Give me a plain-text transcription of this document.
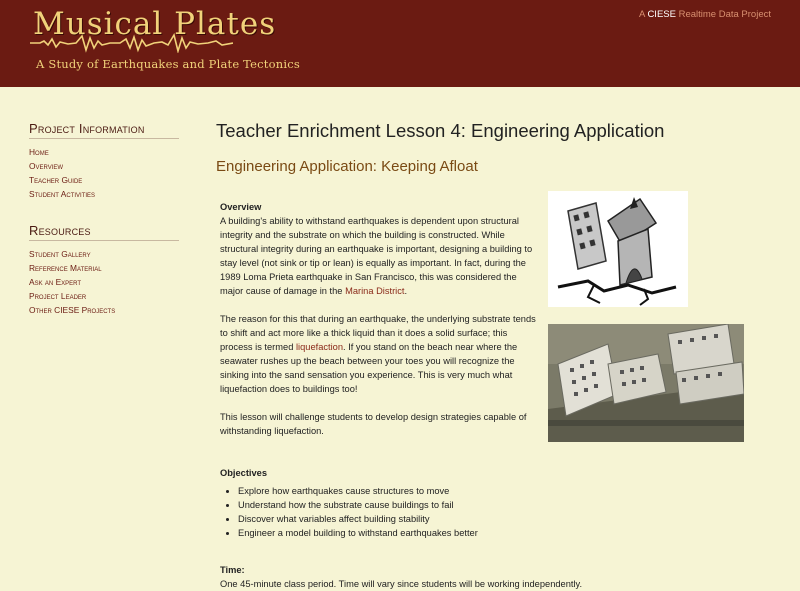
Musical Plates
A Study of Earthquakes and Plate Tectonics
A CIESE Realtime Data Project
Project Information
Home
Overview
Teacher Guide
Student Activities
Resources
Student Gallery
Reference Material
Ask an Expert
Project Leader
Other CIESE Projects
Teacher Enrichment Lesson 4: Engineering Application
Engineering Application: Keeping Afloat
Overview
A building's ability to withstand earthquakes is dependent upon structural integrity and the substrate on which the building is constructed. While structural integrity during an earthquake is important, designing a building to stay level (not sink or tip or lean) is equally as important. In fact, during the 1989 Loma Prieta earthquake in San Francisco, this was considered the major cause of damage in the Marina District.
The reason for this that during an earthquake, the underlying substrate tends to shift and act more like a thick liquid than it does a solid surface; this process is termed liquefaction. If you stand on the beach near where the seawater rushes up the beach between your toes you will recognize the sinking into the sand sensation you experience. This is very much what liquefaction does to buildings too!
This lesson will challenge students to develop design strategies capable of withstanding liquefaction.
Objectives
• Explore how earthquakes cause structures to move
• Understand how the substrate cause buildings to fail
• Discover what variables affect building stability
• Engineer a model building to withstand earthquakes better
Time:
One 45-minute class period. Time will vary since students will be working independently.
